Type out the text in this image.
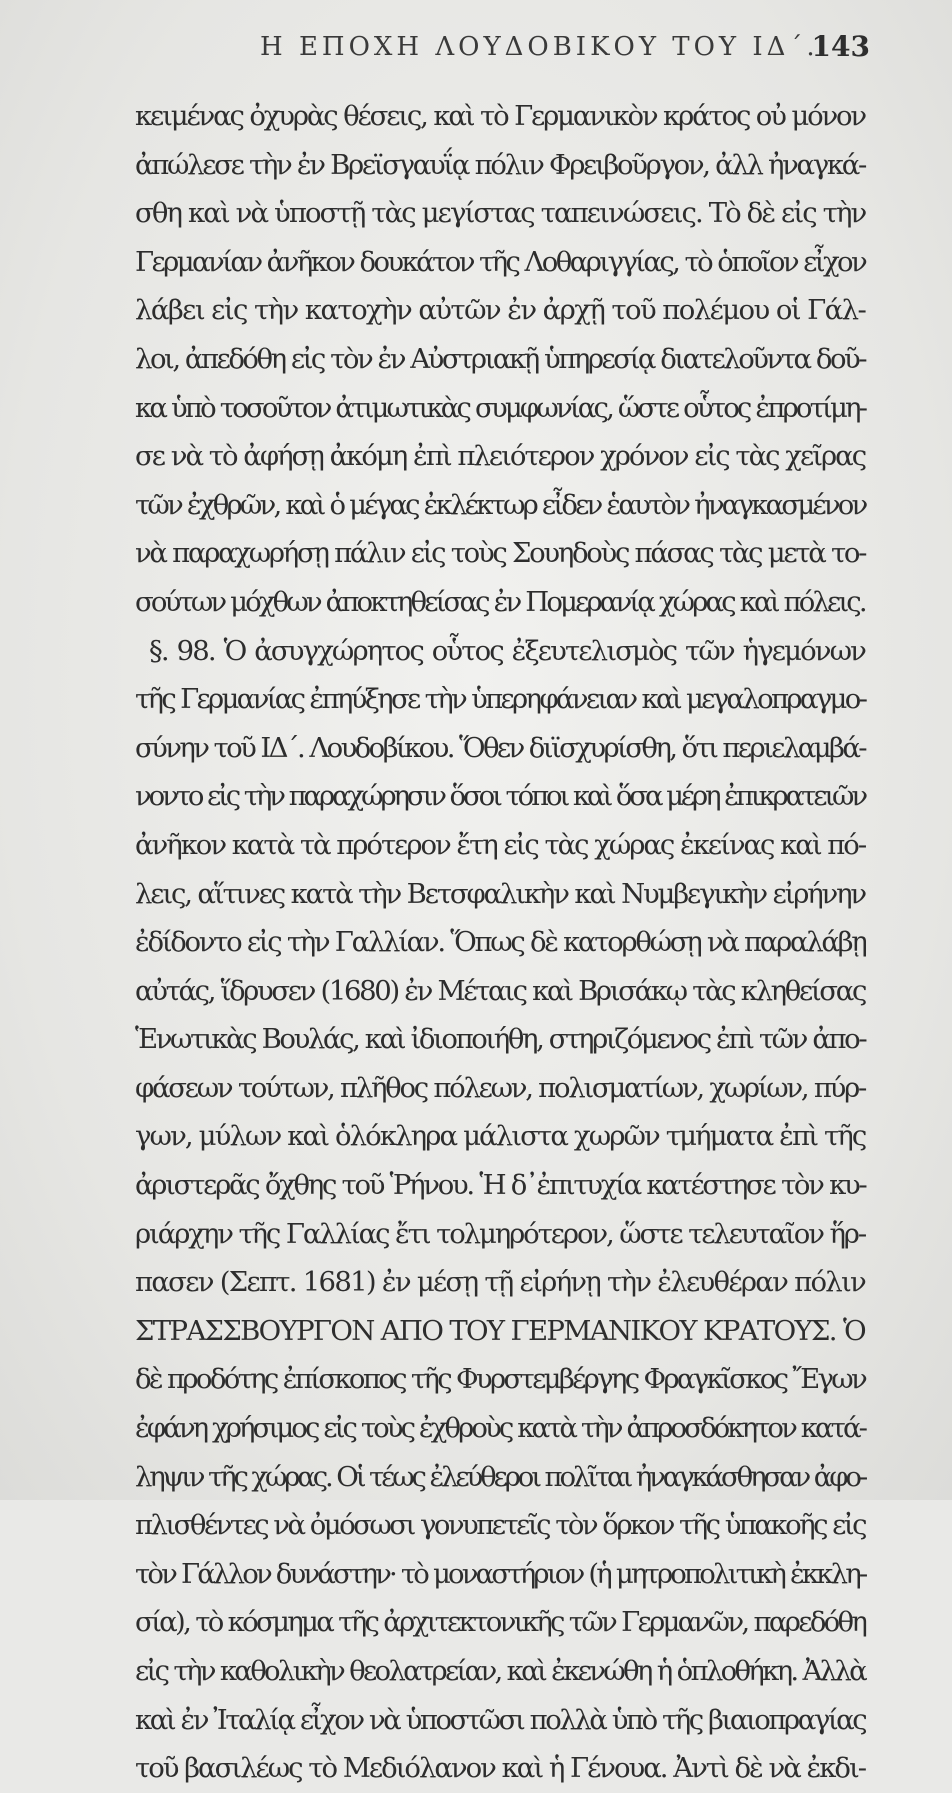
Η ΕΠΟΧΗ ΛΟΥΔΟΒΙΚΟΥ ΤΟΥ ΙΔ΄.
143
κειμένας ὀχυρὰς θέσεις, καὶ τὸ Γερμανικὸν κράτος οὐ μόνον
ἀπώλεσε τὴν ἐν Βρεϊσγαυΐᾳ πόλιν Φρειβοῦργον, ἀλλ ἠναγκά-
σθη καὶ νὰ ὑποστῇ τὰς μεγίστας ταπεινώσεις. Τὸ δὲ εἰς τὴν
Γερμανίαν ἀνῆκον δουκάτον τῆς Λοθαριγγίας, τὸ ὁποῖον εἶχον
λάβει εἰς τὴν κατοχὴν αὐτῶν ἐν ἀρχῇ τοῦ πολέμου οἱ Γάλ-
λοι, ἀπεδόθη εἰς τὸν ἐν Αὐστριακῇ ὑπηρεσίᾳ διατελοῦντα δοῦ-
κα ὑπὸ τοσοῦτον ἀτιμωτικὰς συμφωνίας, ὥστε οὗτος ἐπροτίμη-
σε νὰ τὸ ἀφήσῃ ἀκόμη ἐπὶ πλειότερον χρόνον εἰς τὰς χεῖρας
τῶν ἐχθρῶν, καὶ ὁ μέγας ἐκλέκτωρ εἶδεν ἑαυτὸν ἠναγκασμένον
νὰ παραχωρήσῃ πάλιν εἰς τοὺς Σουηδοὺς πάσας τὰς μετὰ το-
σούτων μόχθων ἀποκτηθείσας ἐν Πομερανίᾳ χώρας καὶ πόλεις.
§. 98. Ὁ ἀσυγχώρητος οὗτος ἐξευτελισμὸς τῶν ἡγεμόνων
τῆς Γερμανίας ἐπηύξησε τὴν ὑπερηφάνειαν καὶ μεγαλοπραγμο-
σύνην τοῦ ΙΔ΄. Λουδοβίκου. Ὅθεν διϊσχυρίσθη, ὅτι περιελαμβά-
νοντο εἰς τὴν παραχώρησιν ὅσοι τόποι καὶ ὅσα μέρη ἐπικρατειῶν
ἀνῆκον κατὰ τὰ πρότερον ἔτη εἰς τὰς χώρας ἐκείνας καὶ πό-
λεις, αἵτινες κατὰ τὴν Βετσφαλικὴν καὶ Νυμβεγικὴν εἰρήνην
ἐδίδοντο εἰς τὴν Γαλλίαν. Ὅπως δὲ κατορθώσῃ νὰ παραλάβῃ
αὐτάς, ἵδρυσεν (1680) ἐν Μέταις καὶ Βρισάκῳ τὰς κληθείσας
Ἑνωτικὰς Βουλάς, καὶ ἰδιοποιήθη, στηριζόμενος ἐπὶ τῶν ἀπο-
φάσεων τούτων, πλῆθος πόλεων, πολισματίων, χωρίων, πύρ-
γων, μύλων καὶ ὁλόκληρα μάλιστα χωρῶν τμήματα ἐπὶ τῆς
ἀριστερᾶς ὄχθης τοῦ Ῥήνου. Ἡ δ᾽ἐπιτυχία κατέστησε τὸν κυ-
ριάρχην τῆς Γαλλίας ἔτι τολμηρότερον, ὥστε τελευταῖον ἥρ-
πασεν (Σεπτ. 1681) ἐν μέσῃ τῇ εἰρήνῃ τὴν ἐλευθέραν πόλιν
ΣΤΡΑΣΣΒΟΥΡΓΟΝ ΑΠΟ ΤΟΥ ΓΕΡΜΑΝΙΚΟΥ ΚΡΑΤΟΥΣ. Ὁ
δὲ προδότης ἐπίσκοπος τῆς Φυρστεμβέργης Φραγκῖσκος Ἔγων
ἐφάνη χρήσιμος εἰς τοὺς ἐχθροὺς κατὰ τὴν ἀπροσδόκητον κατά-
ληψιν τῆς χώρας. Οἱ τέως ἐλεύθεροι πολῖται ἠναγκάσθησαν ἀφο-
πλισθέντες νὰ ὀμόσωσι γονυπετεῖς τὸν ὅρκον τῆς ὑπακοῆς εἰς
τὸν Γάλλον δυνάστην· τὸ μοναστήριον (ἡ μητροπολιτικὴ ἐκκλη-
σία), τὸ κόσμημα τῆς ἀρχιτεκτονικῆς τῶν Γερμανῶν, παρεδόθη
εἰς τὴν καθολικὴν θεολατρείαν, καὶ ἐκενώθη ἡ ὁπλοθήκη. Ἀλλὰ
καὶ ἐν Ἰταλίᾳ εἶχον νὰ ὑποστῶσι πολλὰ ὑπὸ τῆς βιαιοπραγίας
τοῦ βασιλέως τὸ Μεδιόλανον καὶ ἡ Γένουα. Ἀντὶ δὲ νὰ ἐκδι-
